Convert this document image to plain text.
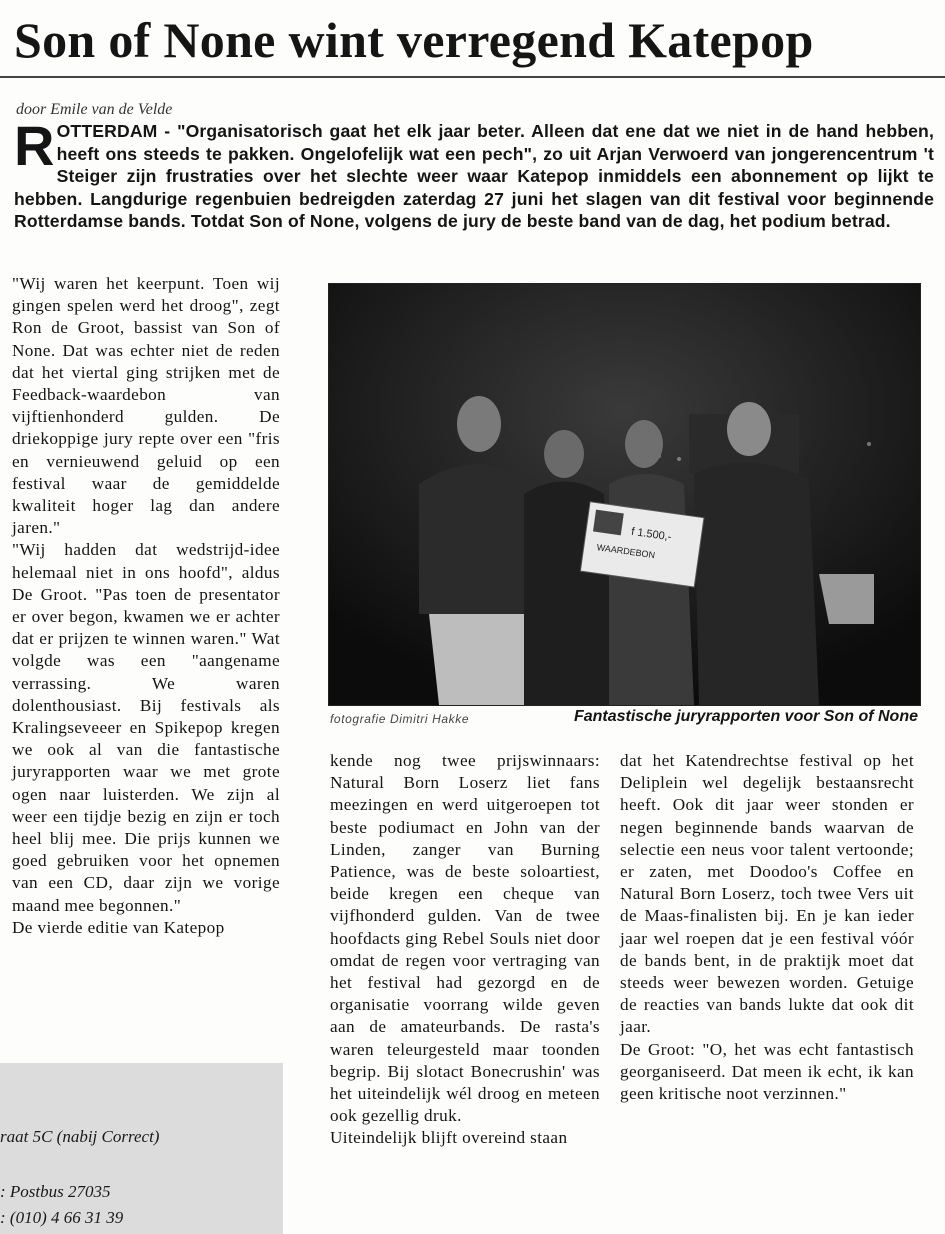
Son of None wint verregend Katepop
door Emile van de Velde
ROTTERDAM - "Organisatorisch gaat het elk jaar beter. Alleen dat ene dat we niet in de hand hebben, heeft ons steeds te pakken. Ongelofelijk wat een pech", zo uit Arjan Verwoerd van jongerencentrum 't Steiger zijn frustraties over het slechte weer waar Katepop inmiddels een abonnement op lijkt te hebben. Langdurige regenbuien bedreigden zaterdag 27 juni het slagen van dit festival voor beginnende Rotterdamse bands. Totdat Son of None, volgens de jury de beste band van de dag, het podium betrad.

"Wij waren het keerpunt. Toen wij gingen spelen werd het droog", zegt Ron de Groot, bassist van Son of None. Dat was echter niet de reden dat het viertal ging strijken met de Feedback-waardebon van vijftienhonderd gulden. De driekoppige jury repte over een "fris en vernieuwend geluid op een festival waar de gemiddelde kwaliteit hoger lag dan andere jaren."

"Wij hadden dat wedstrijd-idee helemaal niet in ons hoofd", aldus De Groot. "Pas toen de presentator er over begon, kwamen we er achter dat er prijzen te winnen waren." Wat volgde was een "aangename verrassing. We waren dolenthousiast. Bij festivals als Kralingseveeer en Spikepop kregen we ook al van die fantastische juryrapporten waar we met grote ogen naar luisterden. We zijn al weer een tijdje bezig en zijn er toch heel blij mee. Die prijs kunnen we goed gebruiken voor het opnemen van een CD, daar zijn we vorige maand mee begonnen."

De vierde editie van Katepop

f 1.500,-
WAARDEBON
fotografie Dimitri Hakke	Fantastische juryrapporten voor Son of None

kende nog twee prijswinnaars: Natural Born Loserz liet fans meezingen en werd uitgeroepen tot beste podiumact en John van der Linden, zanger van Burning Patience, was de beste soloartiest, beide kregen een cheque van vijfhonderd gulden. Van de twee hoofdacts ging Rebel Souls niet door omdat de regen voor vertraging van het festival had gezorgd en de organisatie voorrang wilde geven aan de amateurbands. De rasta's waren teleurgesteld maar toonden begrip. Bij slotact Bonecrushin' was het uiteindelijk wél droog en meteen ook gezellig druk.

Uiteindelijk blijft overeind staan

dat het Katendrechtse festival op het Deliplein wel degelijk bestaansrecht heeft. Ook dit jaar weer stonden er negen beginnende bands waarvan de selectie een neus voor talent vertoonde; er zaten, met Doodoo's Coffee en Natural Born Loserz, toch twee Vers uit de Maas-finalisten bij. En je kan ieder jaar wel roepen dat je een festival vóór de bands bent, in de praktijk moet dat steeds weer bewezen worden. Getuige de reacties van bands lukte dat ook dit jaar.

De Groot: "O, het was echt fantastisch georganiseerd. Dat meen ik echt, ik kan geen kritische noot verzinnen."

raat 5C (nabij Correct)
: Postbus 27035
: (010) 4 66 31 39
